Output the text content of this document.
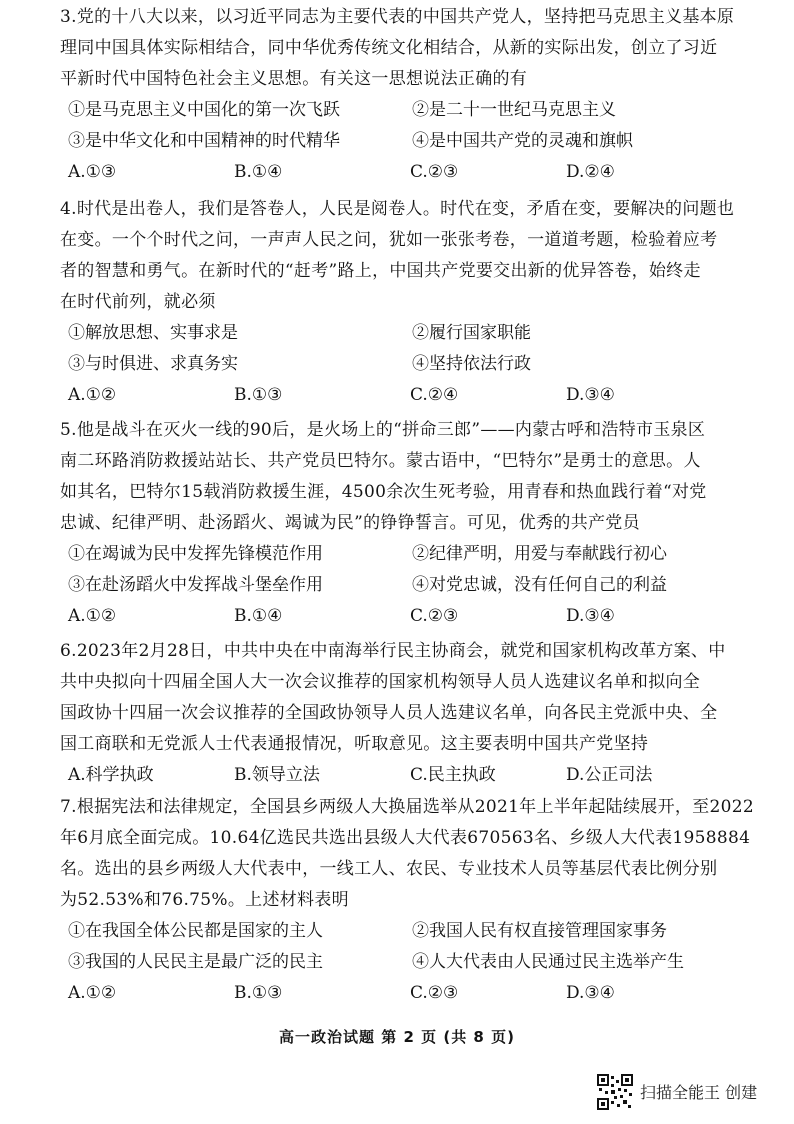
3.党的十八大以来，以习近平同志为主要代表的中国共产党人，坚持把马克思主义基本原
理同中国具体实际相结合，同中华优秀传统文化相结合，从新的实际出发，创立了习近
平新时代中国特色社会主义思想。有关这一思想说法正确的有
①是马克思主义中国化的第一次飞跃	②是二十一世纪马克思主义
③是中华文化和中国精神的时代精华	④是中国共产党的灵魂和旗帜
A.①③	B.①④	C.②③	D.②④
4.时代是出卷人，我们是答卷人，人民是阅卷人。时代在变，矛盾在变，要解决的问题也
在变。一个个时代之问，一声声人民之问，犹如一张张考卷，一道道考题，检验着应考
者的智慧和勇气。在新时代的“赶考”路上，中国共产党要交出新的优异答卷，始终走
在时代前列，就必须
①解放思想、实事求是	②履行国家职能
③与时俱进、求真务实	④坚持依法行政
A.①②	B.①③	C.②④	D.③④
5.他是战斗在灭火一线的90后，是火场上的“拼命三郎”——内蒙古呼和浩特市玉泉区
南二环路消防救援站站长、共产党员巴特尔。蒙古语中，“巴特尔”是勇士的意思。人
如其名，巴特尔15载消防救援生涯，4500余次生死考验，用青春和热血践行着“对党
忠诚、纪律严明、赴汤蹈火、竭诚为民”的铮铮誓言。可见，优秀的共产党员
①在竭诚为民中发挥先锋模范作用	②纪律严明，用爱与奉献践行初心
③在赴汤蹈火中发挥战斗堡垒作用	④对党忠诚，没有任何自己的利益
A.①②	B.①④	C.②③	D.③④
6.2023年2月28日，中共中央在中南海举行民主协商会，就党和国家机构改革方案、中
共中央拟向十四届全国人大一次会议推荐的国家机构领导人员人选建议名单和拟向全
国政协十四届一次会议推荐的全国政协领导人员人选建议名单，向各民主党派中央、全
国工商联和无党派人士代表通报情况，听取意见。这主要表明中国共产党坚持
A.科学执政	B.领导立法	C.民主执政	D.公正司法
7.根据宪法和法律规定，全国县乡两级人大换届选举从2021年上半年起陆续展开，至2022
年6月底全面完成。10.64亿选民共选出县级人大代表670563名、乡级人大代表1958884
名。选出的县乡两级人大代表中，一线工人、农民、专业技术人员等基层代表比例分别
为52.53%和76.75%。上述材料表明
①在我国全体公民都是国家的主人	②我国人民有权直接管理国家事务
③我国的人民民主是最广泛的民主	④人大代表由人民通过民主选举产生
A.①②	B.①③	C.②③	D.③④
高一政治试题 第 2 页 (共 8 页)
扫描全能王 创建
